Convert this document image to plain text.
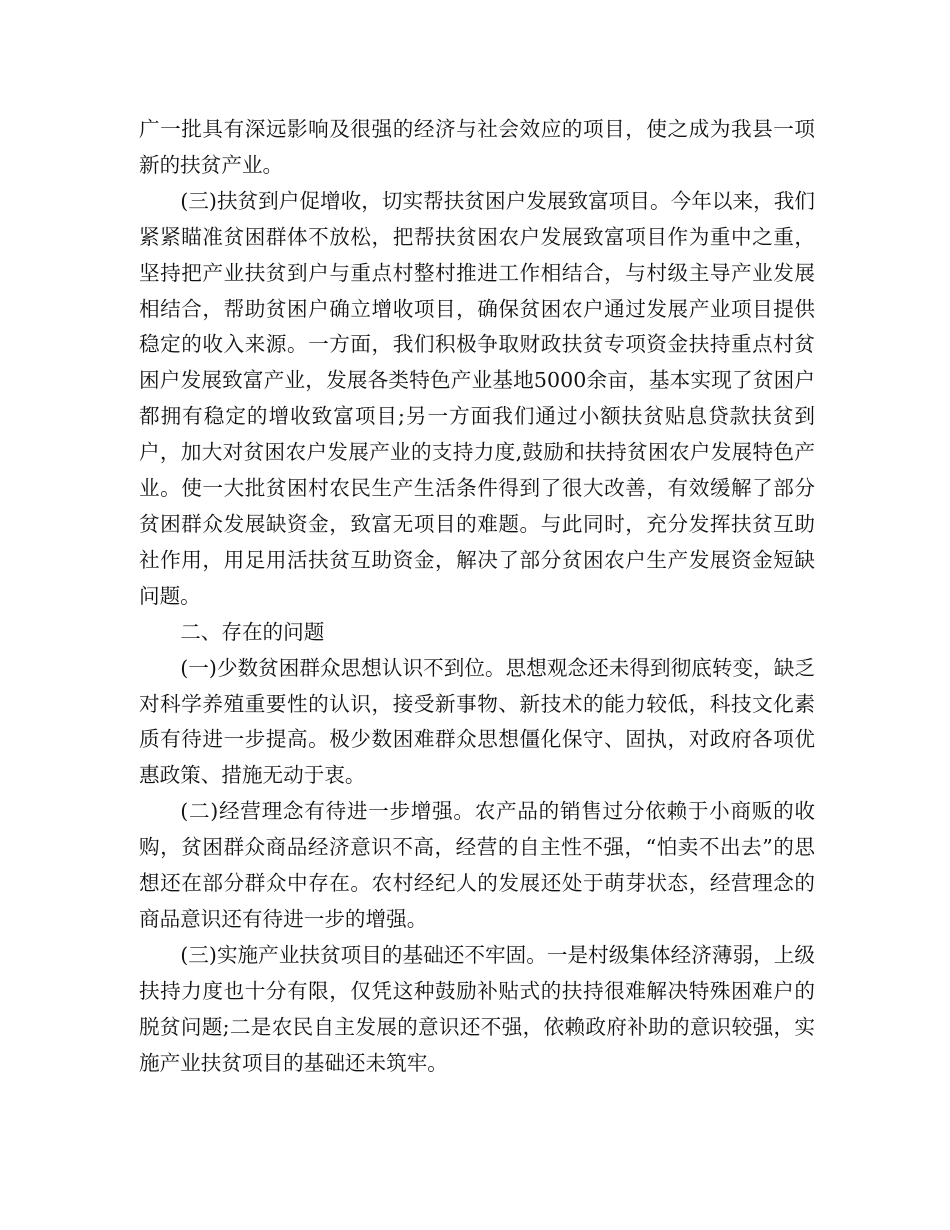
广一批具有深远影响及很强的经济与社会效应的项目，使之成为我县一项新的扶贫产业。

(三)扶贫到户促增收，切实帮扶贫困户发展致富项目。今年以来，我们紧紧瞄准贫困群体不放松，把帮扶贫困农户发展致富项目作为重中之重，坚持把产业扶贫到户与重点村整村推进工作相结合，与村级主导产业发展相结合，帮助贫困户确立增收项目，确保贫困农户通过发展产业项目提供稳定的收入来源。一方面，我们积极争取财政扶贫专项资金扶持重点村贫困户发展致富产业，发展各类特色产业基地5000余亩，基本实现了贫困户都拥有稳定的增收致富项目;另一方面我们通过小额扶贫贴息贷款扶贫到户，加大对贫困农户发展产业的支持力度,鼓励和扶持贫困农户发展特色产业。使一大批贫困村农民生产生活条件得到了很大改善，有效缓解了部分贫困群众发展缺资金，致富无项目的难题。与此同时，充分发挥扶贫互助社作用，用足用活扶贫互助资金，解决了部分贫困农户生产发展资金短缺问题。

二、存在的问题

(一)少数贫困群众思想认识不到位。思想观念还未得到彻底转变，缺乏对科学养殖重要性的认识，接受新事物、新技术的能力较低，科技文化素质有待进一步提高。极少数困难群众思想僵化保守、固执，对政府各项优惠政策、措施无动于衷。

(二)经营理念有待进一步增强。农产品的销售过分依赖于小商贩的收购，贫困群众商品经济意识不高，经营的自主性不强，“怕卖不出去”的思想还在部分群众中存在。农村经纪人的发展还处于萌芽状态，经营理念的商品意识还有待进一步的增强。

(三)实施产业扶贫项目的基础还不牢固。一是村级集体经济薄弱，上级扶持力度也十分有限，仅凭这种鼓励补贴式的扶持很难解决特殊困难户的脱贫问题;二是农民自主发展的意识还不强，依赖政府补助的意识较强，实施产业扶贫项目的基础还未筑牢。
